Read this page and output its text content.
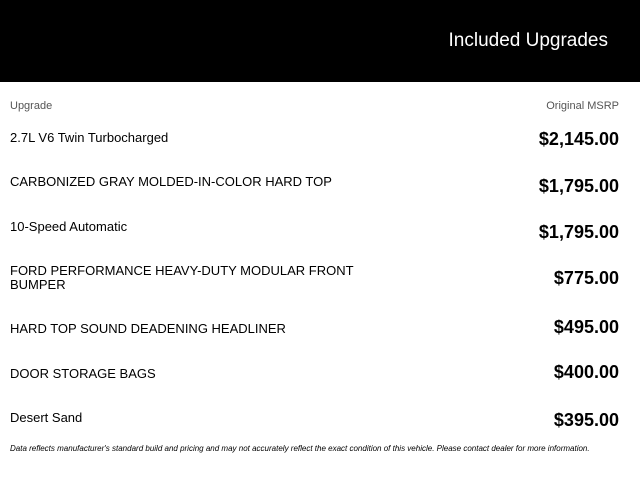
Included Upgrades
Upgrade	Original MSRP
2.7L V6 Twin Turbocharged	$2,145.00
CARBONIZED GRAY MOLDED-IN-COLOR HARD TOP	$1,795.00
10-Speed Automatic	$1,795.00
FORD PERFORMANCE HEAVY-DUTY MODULAR FRONT BUMPER	$775.00
HARD TOP SOUND DEADENING HEADLINER	$495.00
DOOR STORAGE BAGS	$400.00
Desert Sand	$395.00
Data reflects manufacturer's standard build and pricing and may not accurately reflect the exact condition of this vehicle. Please contact dealer for more information.
